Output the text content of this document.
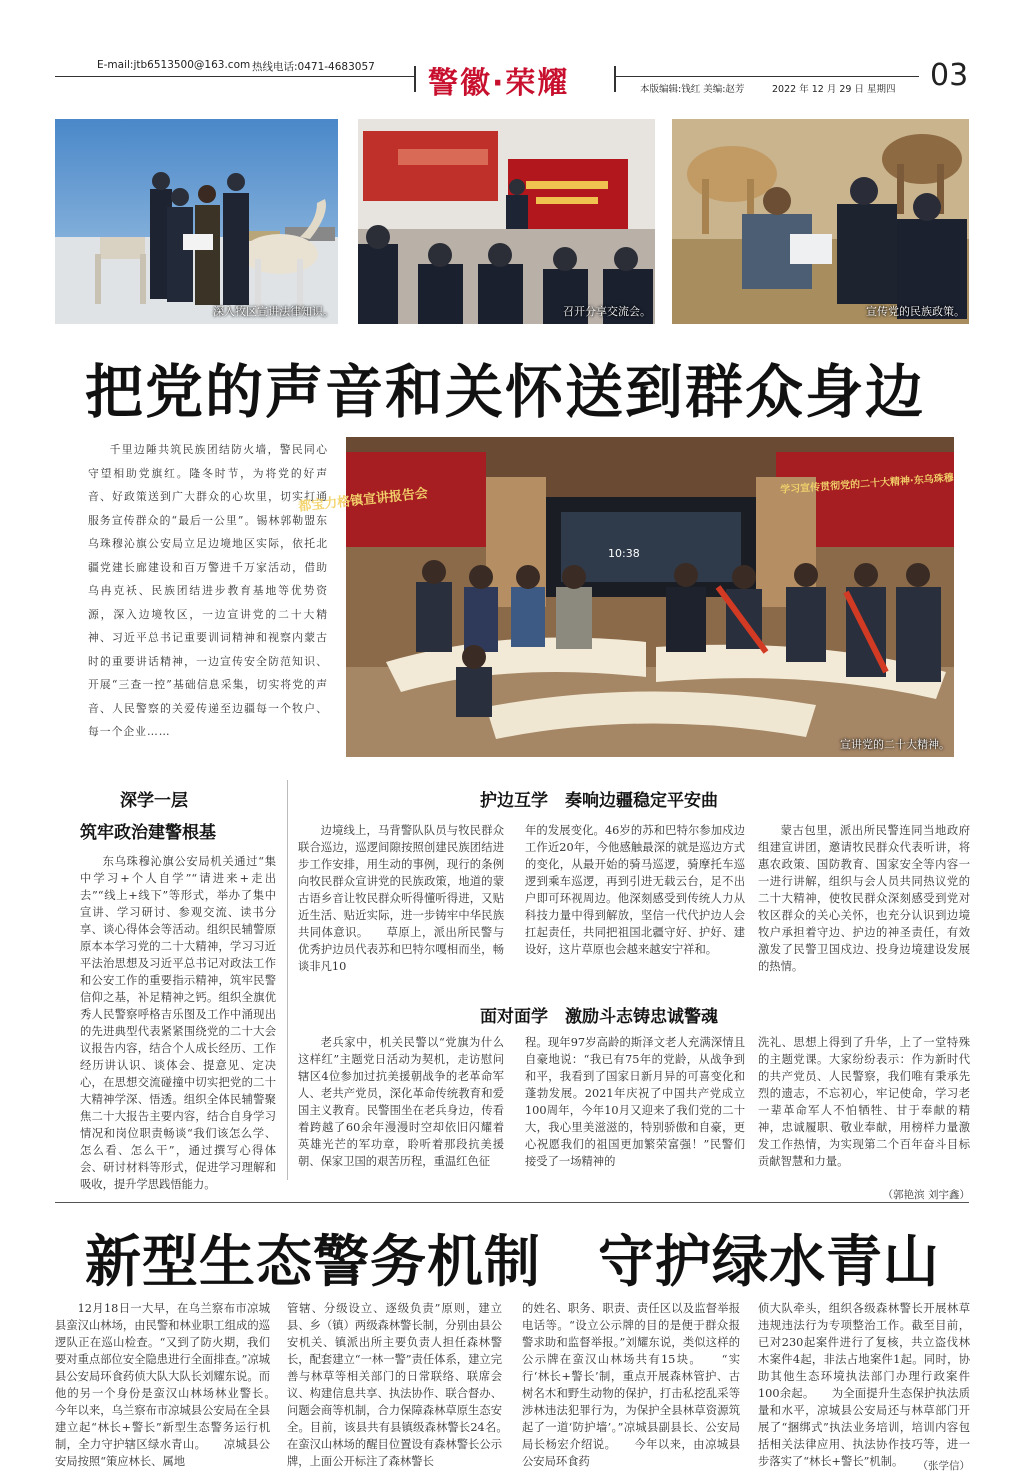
E-mail:jtb6513500@163.com 热线电话:0471-4683057 警徽·荣耀	本版编辑:钱红 美编:赵芳	2022 年 12 月 29 日 星期四 03
深入牧区宣讲法律知识。	召开分享交流会。	宣传党的民族政策。
把党的声音和关怀送到群众身边
千里边陲共筑民族团结防火墙，警民同心守望相助党旗红。隆冬时节，为将党的好声音、好政策送到广大群众的心坎里，切实打通服务宣传群众的“最后一公里”。锡林郭勒盟东乌珠穆沁旗公安局立足边境地区实际，依托北疆党建长廊建设和百万警进千万家活动，借助乌冉克袄、民族团结进步教育基地等优势资源，深入边境牧区，一边宣讲党的二十大精神、习近平总书记重要训词精神和视察内蒙古时的重要讲话精神，一边宣传安全防范知识、开展“三查一控”基础信息采集，切实将党的声音、人民警察的关爱传递至边疆每一个牧户、每一个企业……
都宝力格镇宣讲报告会
学习宣传贯彻党的二十大精神·东乌珠穆
10:38
宣讲党的二十大精神。
深学一层
筑牢政治建警根基
东乌珠穆沁旗公安局机关通过“集中学习+个人自学”“请进来+走出去”“线上+线下”等形式，举办了集中宣讲、学习研讨、参观交流、读书分享、谈心得体会等活动。组织民辅警原原本本学习党的二十大精神，学习习近平法治思想及习近平总书记对政法工作和公安工作的重要指示精神，筑牢民警信仰之基，补足精神之钙。组织全旗优秀人民警察呼格吉乐图及工作中涌现出的先进典型代表紧紧围绕党的二十大会议报告内容，结合个人成长经历、工作经历讲认识、谈体会、提意见、定决心，在思想交流碰撞中切实把党的二十大精神学深、悟透。组织全体民辅警聚焦二十大报告主要内容，结合自身学习情况和岗位职责畅谈“我们该怎么学、怎么看、怎么干”，通过撰写心得体会、研讨材料等形式，促进学习理解和吸收，提升学思践悟能力。
护边互学　奏响边疆稳定平安曲
边境线上，马背警队队员与牧民群众联合巡边，巡逻间隙按照创建民族团结进步工作安排，用生动的事例，现行的条例向牧民群众宣讲党的民族政策，地道的蒙古语乡音让牧民群众听得懂听得进，又贴近生活、贴近实际，进一步铸牢中华民族共同体意识。　　草原上，派出所民警与优秀护边员代表苏和巴特尔嘎相而坐，畅谈非凡10
年的发展变化。46岁的苏和巴特尔参加戍边工作近20年，今他感触最深的就是巡边方式的变化，从最开始的骑马巡逻，骑摩托车巡逻到乘车巡逻，再到引进无载云台，足不出户即可环视周边。他深刻感受到传统人力从科技力量中得到解放，坚信一代代护边人会扛起责任，共同把祖国北疆守好、护好、建设好，这片草原也会越来越安宁祥和。
蒙古包里，派出所民警连同当地政府组建宣讲团，邀请牧民群众代表听讲，将惠农政策、国防教育、国家安全等内容一一进行讲解，组织与会人员共同热议党的二十大精神，使牧民群众深刻感受到党对牧区群众的关心关怀，也充分认识到边境牧户承担着守边、护边的神圣责任，有效激发了民警卫国戍边、投身边境建设发展的热情。
面对面学　激励斗志铸忠诚警魂
老兵家中，机关民警以“党旗为什么这样红”主题党日活动为契机，走访慰问辖区4位参加过抗美援朝战争的老革命军人、老共产党员，深化革命传统教育和爱国主义教育。民警围坐在老兵身边，传看着跨越了60余年漫漫时空却依旧闪耀着英雄光芒的军功章，聆听着那段抗美援朝、保家卫国的艰苦历程，重温红色征
程。现年97岁高龄的斯泽文老人充满深情且自豪地说：“我已有75年的党龄，从战争到和平，我看到了国家日新月异的可喜变化和蓬勃发展。2021年庆祝了中国共产党成立100周年，今年10月又迎来了我们党的二十大，我心里美滋滋的，特别骄傲和自豪，更心祝愿我们的祖国更加繁荣富强！”民警们接受了一场精神的
洗礼、思想上得到了升华，上了一堂特殊的主题党课。大家纷纷表示：作为新时代的共产党员、人民警察，我们唯有秉承先烈的遗志，不忘初心，牢记使命，学习老一辈革命军人不怕牺牲、甘于奉献的精神，忠诚履职、敬业奉献，用榜样力量激发工作热情，为实现第二个百年奋斗目标贡献智慧和力量。
（郭艳滨 刘宇鑫）
新型生态警务机制　守护绿水青山
12月18日一大早，在乌兰察布市凉城县蛮汉山林场，由民警和林业职工组成的巡逻队正在巡山检查。“又到了防火期，我们要对重点部位安全隐患进行全面排查。”凉城县公安局环食药侦大队大队长刘耀东说。而他的另一个身份是蛮汉山林场林业警长。　　今年以来，乌兰察布市凉城县公安局在全县建立起“林长+警长”新型生态警务运行机制，全力守护辖区绿水青山。　　凉城县公安局按照“策应林长、属地
管辖、分级设立、逐级负责”原则，建立县、乡（镇）两级森林警长制，分别由县公安机关、镇派出所主要负责人担任森林警长，配套建立“一林一警”责任体系，建立完善与林草等相关部门的日常联络、联席会议、构建信息共享、执法协作、联合督办、问题会商等机制，合力保障森林草原生态安全。目前，该县共有县镇级森林警长24名。　　在蛮汉山林场的醒目位置设有森林警长公示牌，上面公开标注了森林警长
的姓名、职务、职责、责任区以及监督举报电话等。“设立公示牌的目的是便于群众报警求助和监督举报。”刘耀东说，类似这样的公示牌在蛮汉山林场共有15块。　　“实行‘林长+警长’制，重点开展森林管护、古树名木和野生动物的保护，打击私挖乱采等涉林违法犯罪行为，为保护全县林草资源筑起了一道‘防护墙’。”凉城县副县长、公安局局长杨宏介绍说。　　今年以来，由凉城县公安局环食药
侦大队牵头，组织各级森林警长开展林草违规违法行为专项整治工作。截至目前，已对230起案件进行了复核，共立盗伐林木案件4起，非法占地案件1起。同时，协助其他生态环境执法部门办理行政案件100余起。　　为全面提升生态保护执法质量和水平，凉城县公安局还与林草部门开展了“捆绑式”执法业务培训，培训内容包括相关法律应用、执法协作技巧等，进一步落实了“林长+警长”机制。	（张学信）
